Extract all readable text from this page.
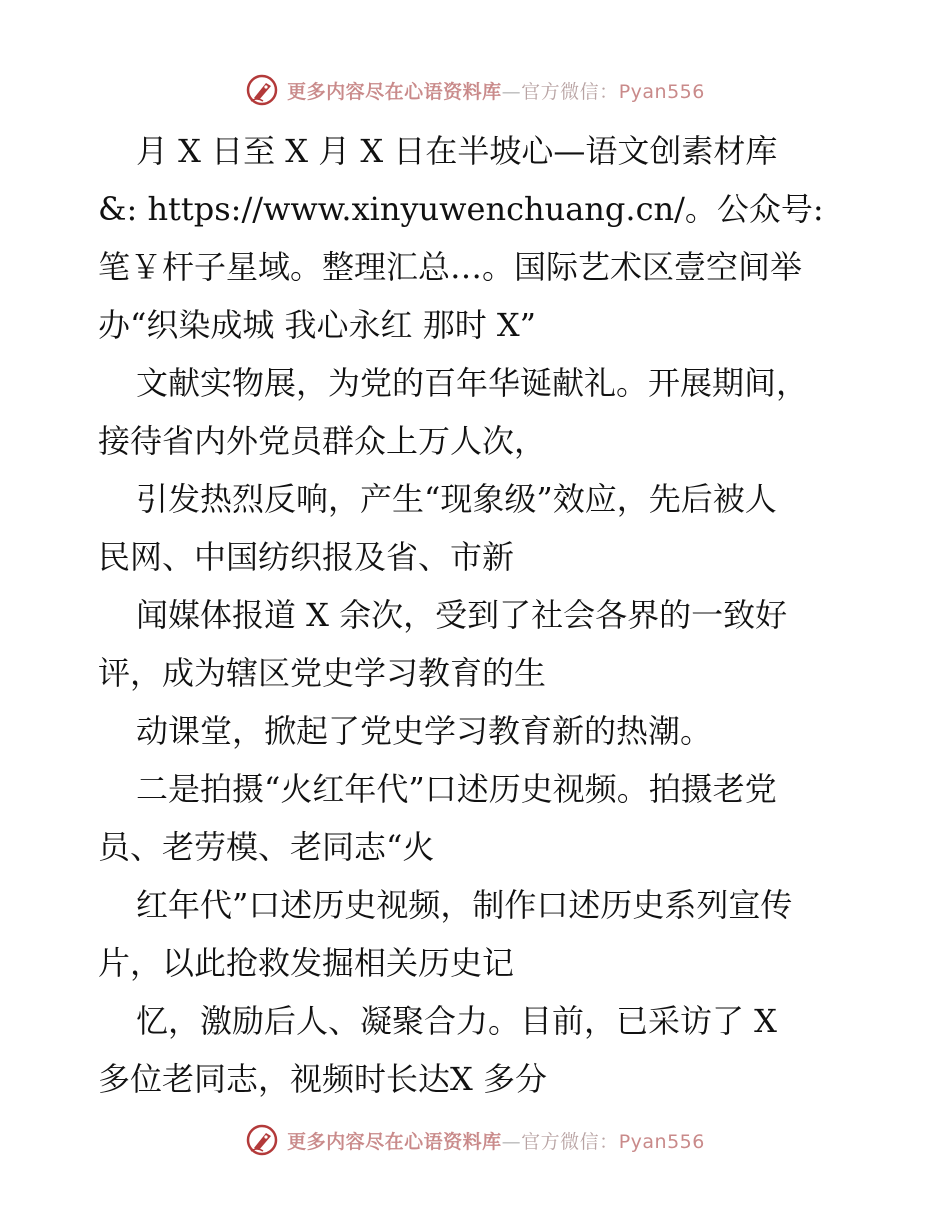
更多内容尽在心语资料库—官方微信：Pyan556
月 X 日至 X 月 X 日在半坡心—语文创素材库
&: https://www.xinyuwenchuang.cn/。公众号:
笔￥杆子星域。整理汇总…。国际艺术区壹空间举
办“织染成城 我心永红 那时 X”
文献实物展，为党的百年华诞献礼。开展期间，
接待省内外党员群众上万人次，
引发热烈反响，产生“现象级”效应，先后被人
民网、中国纺织报及省、市新
闻媒体报道 X 余次，受到了社会各界的一致好
评，成为辖区党史学习教育的生
动课堂，掀起了党史学习教育新的热潮。
二是拍摄“火红年代”口述历史视频。拍摄老党
员、老劳模、老同志“火
红年代”口述历史视频，制作口述历史系列宣传
片，以此抢救发掘相关历史记
忆，激励后人、凝聚合力。目前，已采访了 X
多位老同志，视频时长达X 多分
更多内容尽在心语资料库—官方微信：Pyan556
